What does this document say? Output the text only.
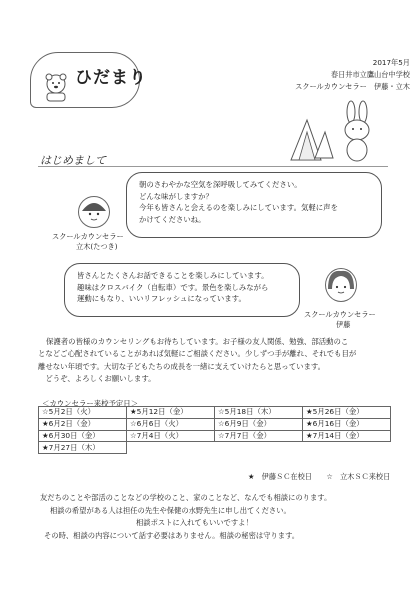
ひだまり
2017年5月
春日井市立鷹山台中学校
スクールカウンセラー　伊藤・立木
はじめまして
スクールカウンセラー
立木(たつき)

朝のさわやかな空気を深呼吸してみてください。

どんな味がしますか？

今年も皆さんと会えるのを楽しみにしています。気軽に声を

かけてくださいね。

皆さんとたくさんお話できることを楽しみにしています。

趣味はクロスバイク（自転車）です。景色を楽しみながら

運動にもなり、いいリフレッシュになっています。

スクールカウンセラー
伊藤

保護者の皆様のカウンセリングもお待ちしています。お子様の友人関係、勉強、部活動のこ

となどご心配されていることがあれば気軽にご相談ください。少しずつ手が離れ、それでも目が

離せない年頃です。大切な子どもたちの成長を一緒に支えていけたらと思っています。

　どうぞ、よろしくお願いします。

＜カウンセラー来校予定日＞
☆5月2日（火）	★5月12日（金）	☆5月18日（木）	★5月26日（金）
★6月2日（金）	☆6月6日（火）	☆6月9日（金）	★6月16日（金）
★6月30日（金）	☆7月4日（火）	☆7月7日（金）	★7月14日（金）
★7月27日（木）			
★　伊藤ＳＣ在校日　　☆　立木ＳＣ来校日

友だちのことや部活のことなどの学校のこと、家のことなど、なんでも相談にのります。

相談の希望がある人は担任の先生や保健の水野先生に申し出てください。

相談ポストに入れてもいいですよ！

その時、相談の内容について話す必要はありません。相談の秘密は守ります。
